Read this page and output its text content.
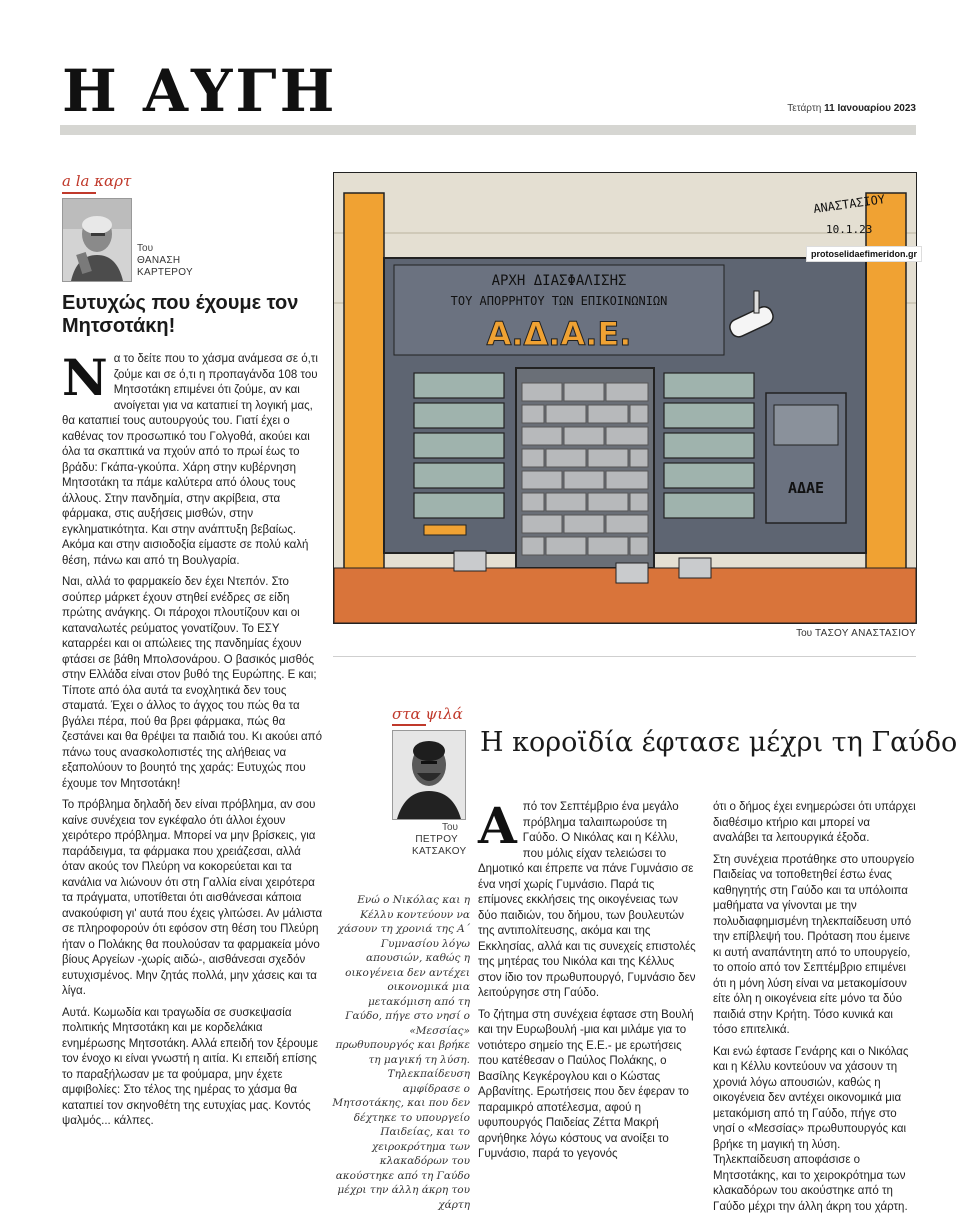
Η ΑΥΓΗ	Τετάρτη 11 Ιανουαρίου 2023
a la καρτ
Του
ΘΑΝΑΣΗ
ΚΑΡΤΕΡΟΥ
Ευτυχώς που έχουμε τον Μητσοτάκη!

Να το δείτε που το χάσμα ανάμεσα σε ό,τι ζούμε και σε ό,τι η προπαγάνδα 108 του Μητσοτάκη επιμένει ότι ζούμε, αν και ανοίγεται για να καταπιεί τη λογική μας, θα καταπιεί τους αυτουργούς του. Γιατί έχει ο καθένας τον προσωπικό του Γολγοθά, ακούει και όλα τα σκαπτικά να πχούν από το πρωί έως το βράδυ: Γκάπα-γκούπα. Χάρη στην κυβέρνηση Μητσοτάκη τα πάμε καλύτερα από όλους τους άλλους. Στην πανδημία, στην ακρίβεια, στα φάρμακα, στις αυξήσεις μισθών, στην εγκληματικότητα. Και στην ανάπτυξη βεβαίως. Ακόμα και στην αισιοδοξία είμαστε σε πολύ καλή θέση, πάνω και από τη Βουλγαρία.

Ναι, αλλά το φαρμακείο δεν έχει Ντεπόν. Στο σούπερ μάρκετ έχουν στηθεί ενέδρες σε είδη πρώτης ανάγκης. Οι πάροχοι πλουτίζουν και οι καταναλωτές ρεύματος γονατίζουν. Το ΕΣΥ καταρρέει και οι απώλειες της πανδημίας έχουν φτάσει σε βάθη Μπολσονάρου. Ο βασικός μισθός στην Ελλάδα είναι στον βυθό της Ευρώπης. Ε και; Τίποτε από όλα αυτά τα ενοχλητικά δεν τους σταματά. Έχει ο άλλος το άγχος του πώς θα τα βγάλει πέρα, πού θα βρει φάρμακα, πώς θα ζεστάνει και θα θρέψει τα παιδιά του. Κι ακούει από πάνω τους ανασκολοπιστές της αλήθειας να εξαπολύουν το βουητό της χαράς: Ευτυχώς που έχουμε τον Μητσοτάκη!

Το πρόβλημα δηλαδή δεν είναι πρόβλημα, αν σου καίνε συνέχεια τον εγκέφαλο ότι άλλοι έχουν χειρότερο πρόβλημα. Μπορεί να μην βρίσκεις, για παράδειγμα, τα φάρμακα που χρειάζεσαι, αλλά όταν ακούς τον Πλεύρη να κοκορεύεται και τα κανάλια να λιώνουν ότι στη Γαλλία είναι χειρότερα τα πράγματα, υποτίθεται ότι αισθάνεσαι κάποια ανακούφιση γι' αυτά που έχεις γλιτώσει. Αν μάλιστα σε πληροφορούν ότι εφόσον στη θέση του Πλεύρη ήταν ο Πολάκης θα πουλούσαν τα φαρμακεία μόνο βίους Αργείων -χωρίς αιδώ-, αισθάνεσαι σχεδόν ευτυχισμένος. Μην ζητάς πολλά, μην χάσεις και τα λίγα.

Αυτά. Κωμωδία και τραγωδία σε συσκεψασία πολιτικής Μητσοτάκη και με κορδελάκια ενημέρωσης Μητσοτάκη. Αλλά επειδή τον ξέρουμε τον ένοχο κι είναι γνωστή η αιτία. Κι επειδή επίσης το παραξήλωσαν με τα φούμαρα, μην έχετε αμφιβολίες: Στο τέλος της ημέρας το χάσμα θα καταπιεί τον σκηνοθέτη της ευτυχίας μας. Κοντός ψαλμός... κάλπες.

ΑΡΧΗ ΔΙΑΣΦΑΛΙΣΗΣ
ΤΟΥ ΑΠΟΡΡΗΤΟΥ ΤΩΝ ΕΠΙΚΟΙΝΩΝΙΩΝ
Α.Δ.Α.Ε.
ΑΔΑΕ
ΑΝΑΣΤΑΣΙΟΥ
10.1.23
protoselidaefimeridon.gr
Του ΤΑΣΟΥ ΑΝΑΣΤΑΣΙΟΥ
στα ψιλά
Η κοροϊδία έφτασε μέχρι τη Γαύδο
Του
ΠΕΤΡΟΥ
ΚΑΤΣΑΚΟΥ
Ενώ ο Νικόλας και η Κέλλυ κοντεύουν να χάσουν τη χρονιά της Α΄ Γυμνασίου λόγω απουσιών, καθώς η οικογένεια δεν αντέχει οικονομικά μια μετακόμιση από τη Γαύδο, πήγε στο νησί ο «Μεσσίας» πρωθυπουργός και βρήκε τη μαγική τη λύση. Τηλεκπαίδευση αμφίδρασε ο Μητσοτάκης, και που δεν δέχτηκε το υπουργείο Παιδείας, και το χειροκρότημα των κλακαδόρων του ακούστηκε από τη Γαύδο μέχρι την άλλη άκρη του χάρτη

Από τον Σεπτέμβριο ένα μεγάλο πρόβλημα ταλαιπωρούσε τη Γαύδο. Ο Νικόλας και η Κέλλυ, που μόλις είχαν τελειώσει το Δημοτικό και έπρεπε να πάνε Γυμνάσιο σε ένα νησί χωρίς Γυμνάσιο. Παρά τις επίμονες εκκλήσεις της οικογένειας των δύο παιδιών, του δήμου, των βουλευτών της αντιπολίτευσης, ακόμα και της Εκκλησίας, αλλά και τις συνεχείς επιστολές της μητέρας του Νικόλα και της Κέλλυς στον ίδιο τον πρωθυπουργό, Γυμνάσιο δεν λειτούργησε στη Γαύδο.

Το ζήτημα στη συνέχεια έφτασε στη Βουλή και την Ευρωβουλή -μια και μιλάμε για το νοτιότερο σημείο της Ε.Ε.- με ερωτήσεις που κατέθεσαν ο Παύλος Πολάκης, ο Βασίλης Κεγκέρογλου και ο Κώστας Αρβανίτης. Ερωτήσεις που δεν έφεραν το παραμικρό αποτέλεσμα, αφού η υφυπουργός Παιδείας Ζέττα Μακρή αρνήθηκε λόγω κόστους να ανοίξει το Γυμνάσιο, παρά το γεγονός

ότι ο δήμος έχει ενημερώσει ότι υπάρχει διαθέσιμο κτήριο και μπορεί να αναλάβει τα λειτουργικά έξοδα.

Στη συνέχεια προτάθηκε στο υπουργείο Παιδείας να τοποθετηθεί έστω ένας καθηγητής στη Γαύδο και τα υπόλοιπα μαθήματα να γίνονται με την πολυδιαφημισμένη τηλεκπαίδευση υπό την επίβλεψή του. Πρόταση που έμεινε κι αυτή αναπάντητη από το υπουργείο, το οποίο από τον Σεπτέμβριο επιμένει ότι η μόνη λύση είναι να μετακομίσουν είτε όλη η οικογένεια είτε μόνο τα δύο παιδιά στην Κρήτη. Τόσο κυνικά και τόσο επιτελικά.

Και ενώ έφτασε Γενάρης και ο Νικόλας και η Κέλλυ κοντεύουν να χάσουν τη χρονιά λόγω απουσιών, καθώς η οικογένεια δεν αντέχει οικονομικά μια μετακόμιση από τη Γαύδο, πήγε στο νησί ο «Μεσσίας» πρωθυπουργός και βρήκε τη μαγική τη λύση. Τηλεκπαίδευση αποφάσισε ο Μητσοτάκης, και το χειροκρότημα των κλακαδόρων του ακούστηκε από τη Γαύδο μέχρι την άλλη άκρη του χάρτη.
